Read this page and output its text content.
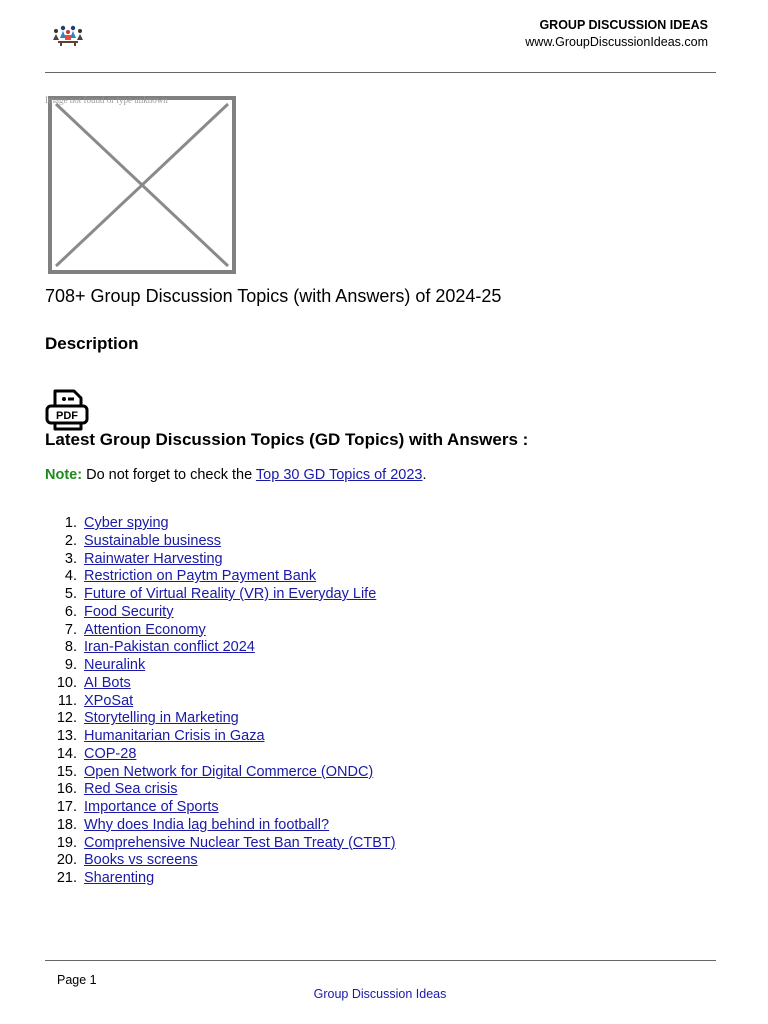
GROUP DISCUSSION IDEAS
www.GroupDiscussionIdeas.com
Image not found or type unknown
708+ Group Discussion Topics (with Answers) of 2024-25
Description
PDF
Latest Group Discussion Topics (GD Topics) with Answers :
Note: Do not forget to check the Top 30 GD Topics of 2023.
1. Cyber spying
2. Sustainable business
3. Rainwater Harvesting
4. Restriction on Paytm Payment Bank
5. Future of Virtual Reality (VR) in Everyday Life
6. Food Security
7. Attention Economy
8. Iran-Pakistan conflict 2024
9. Neuralink
10. AI Bots
11. XPoSat
12. Storytelling in Marketing
13. Humanitarian Crisis in Gaza
14. COP-28
15. Open Network for Digital Commerce (ONDC)
16. Red Sea crisis
17. Importance of Sports
18. Why does India lag behind in football?
19. Comprehensive Nuclear Test Ban Treaty (CTBT)
20. Books vs screens
21. Sharenting
Page 1
Group Discussion Ideas
